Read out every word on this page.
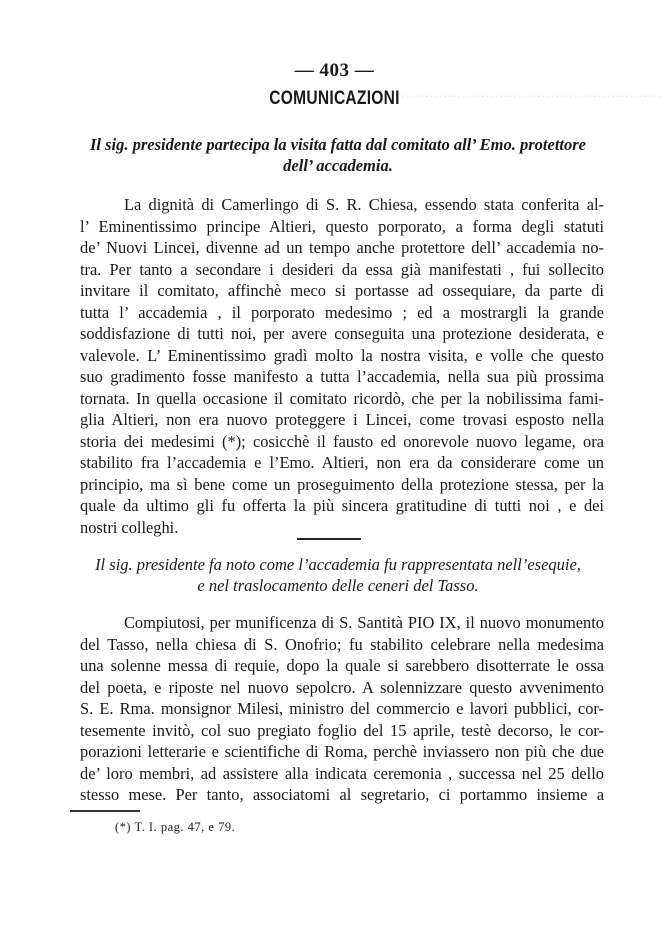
·························································
— 403 —
COMUNICAZIONI
Il sig. presidente partecipa la visita fatta dal comitato all’ Emo. protettore
dell’ accademia.
La dignità di Camerlingo di S. R. Chiesa, essendo stata conferita al-
l’ Eminentissimo principe Altieri, questo porporato, a forma degli statuti
de’ Nuovi Lincei, divenne ad un tempo anche protettore dell’ accademia no-
tra. Per tanto a secondare i desideri da essa già manifestati , fui sollecito
invitare il comitato, affinchè meco si portasse ad ossequiare, da parte di
tutta l’ accademia , il porporato medesimo ; ed a mostrargli la grande
soddisfazione di tutti noi, per avere conseguita una protezione desiderata, e
valevole. L’ Eminentissimo gradì molto la nostra visita, e volle che questo
suo gradimento fosse manifesto a tutta l’accademia, nella sua più prossima
tornata. In quella occasione il comitato ricordò, che per la nobilissima fami-
glia Altieri, non era nuovo proteggere i Lincei, come trovasi esposto nella
storia dei medesimi (*); cosicchè il fausto ed onorevole nuovo legame, ora
stabilito fra l’accademia e l’Emo. Altieri, non era da considerare come un
principio, ma sì bene come un proseguimento della protezione stessa, per la
quale da ultimo gli fu offerta la più sincera gratitudine di tutti noi , e dei
nostri colleghi.
Il sig. presidente fa noto come l’accademia fu rappresentata nell’esequie,
e nel traslocamento delle ceneri del Tasso.
Compiutosi, per munificenza di S. Santità PIO IX, il nuovo monumento
del Tasso, nella chiesa di S. Onofrio; fu stabilito celebrare nella medesima
una solenne messa di requie, dopo la quale si sarebbero disotterrate le ossa
del poeta, e riposte nel nuovo sepolcro. A solennizzare questo avvenimento
S. E. Rma. monsignor Milesi, ministro del commercio e lavori pubblici, cor-
tesemente invitò, col suo pregiato foglio del 15 aprile, testè decorso, le cor-
porazioni letterarie e scientifiche di Roma, perchè inviassero non più che due
de’ loro membri, ad assistere alla indicata ceremonia , successa nel 25 dello
stesso mese. Per tanto, associatomi al segretario, ci portammo insieme a
(*) T. I. pag. 47, e 79.
